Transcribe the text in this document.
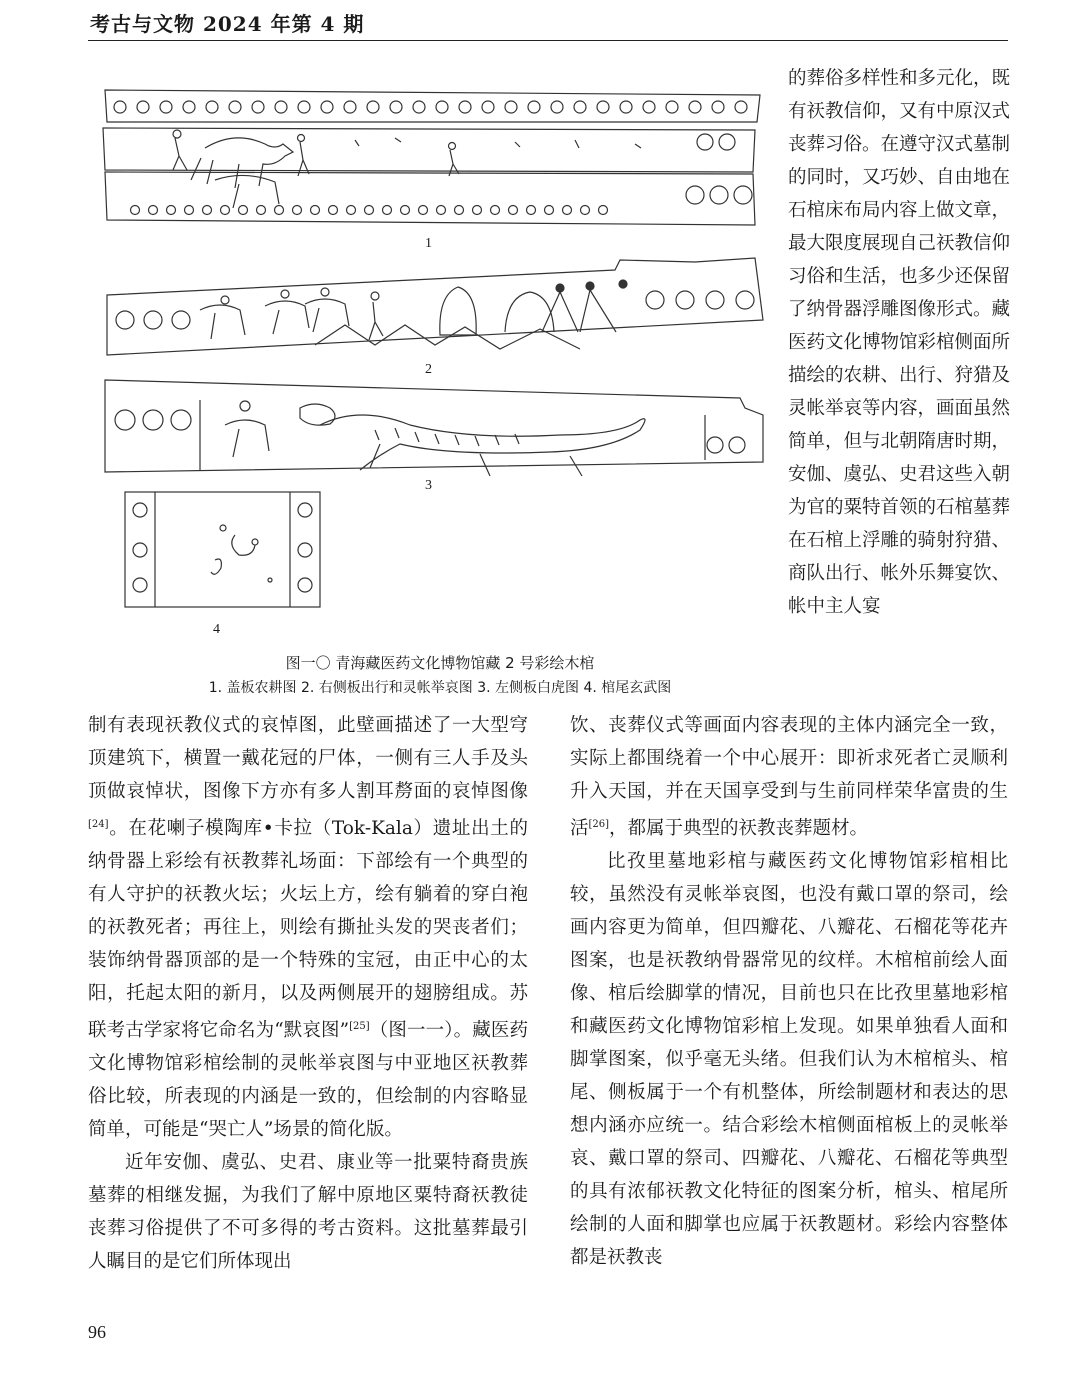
考古与文物 2024 年第 4 期
1
2
3
4
图一〇 青海藏医药文化博物馆藏 2 号彩绘木棺
1. 盖板农耕图 2. 右侧板出行和灵帐举哀图 3. 左侧板白虎图 4. 棺尾玄武图
的葬俗多样性和多元化，既有祆教信仰，又有中原汉式丧葬习俗。在遵守汉式墓制的同时，又巧妙、自由地在石棺床布局内容上做文章，最大限度展现自己祆教信仰习俗和生活，也多少还保留了纳骨器浮雕图像形式。藏医药文化博物馆彩棺侧面所描绘的农耕、出行、狩猎及灵帐举哀等内容，画面虽然简单，但与北朝隋唐时期，安伽、虞弘、史君这些入朝为官的粟特首领的石棺墓葬在石棺上浮雕的骑射狩猎、商队出行、帐外乐舞宴饮、帐中主人宴
制有表现祆教仪式的哀悼图，此壁画描述了一大型穹顶建筑下，横置一戴花冠的尸体，一侧有三人手及头顶做哀悼状，图像下方亦有多人割耳剺面的哀悼图像[24]。在花喇子模陶库•卡拉（Tok-Kala）遗址出土的纳骨器上彩绘有祆教葬礼场面：下部绘有一个典型的有人守护的祆教火坛；火坛上方，绘有躺着的穿白袍的祆教死者；再往上，则绘有撕扯头发的哭丧者们；装饰纳骨器顶部的是一个特殊的宝冠，由正中心的太阳，托起太阳的新月，以及两侧展开的翅膀组成。苏联考古学家将它命名为“默哀图”[25]（图一一）。藏医药文化博物馆彩棺绘制的灵帐举哀图与中亚地区祆教葬俗比较，所表现的内涵是一致的，但绘制的内容略显简单，可能是“哭亡人”场景的简化版。
近年安伽、虞弘、史君、康业等一批粟特裔贵族墓葬的相继发掘，为我们了解中原地区粟特裔祆教徒丧葬习俗提供了不可多得的考古资料。这批墓葬最引人瞩目的是它们所体现出
饮、丧葬仪式等画面内容表现的主体内涵完全一致，实际上都围绕着一个中心展开：即祈求死者亡灵顺利升入天国，并在天国享受到与生前同样荣华富贵的生活[26]，都属于典型的祆教丧葬题材。
比孜里墓地彩棺与藏医药文化博物馆彩棺相比较，虽然没有灵帐举哀图，也没有戴口罩的祭司，绘画内容更为简单，但四瓣花、八瓣花、石榴花等花卉图案，也是祆教纳骨器常见的纹样。木棺棺前绘人面像、棺后绘脚掌的情况，目前也只在比孜里墓地彩棺和藏医药文化博物馆彩棺上发现。如果单独看人面和脚掌图案，似乎毫无头绪。但我们认为木棺棺头、棺尾、侧板属于一个有机整体，所绘制题材和表达的思想内涵亦应统一。结合彩绘木棺侧面棺板上的灵帐举哀、戴口罩的祭司、四瓣花、八瓣花、石榴花等典型的具有浓郁祆教文化特征的图案分析，棺头、棺尾所绘制的人面和脚掌也应属于祆教题材。彩绘内容整体都是祆教丧
96
